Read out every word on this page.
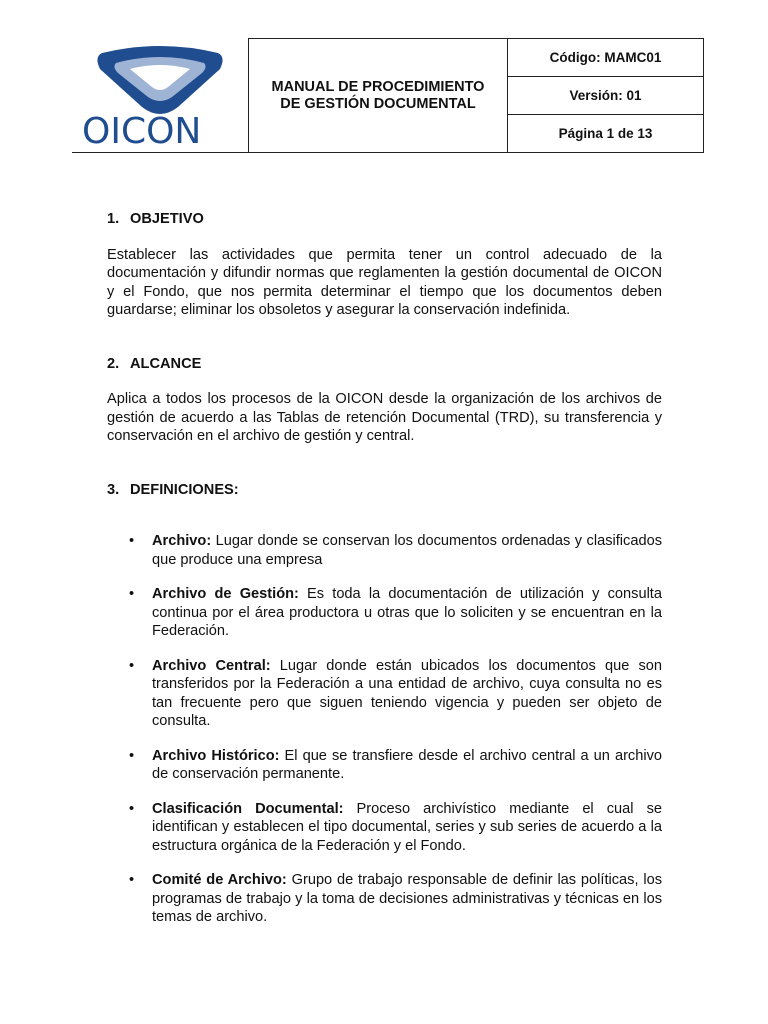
OICON

MANUAL DE PROCEDIMIENTO
DE GESTIÓN DOCUMENTAL
	Código: MAMC01
Versión: 01
Página 1 de 13
1. OBJETIVO

Establecer las actividades que permita tener un control adecuado de la documentación y difundir normas que reglamenten la gestión documental de OICON y el Fondo, que nos permita determinar el tiempo que los documentos deben guardarse; eliminar los obsoletos y asegurar la conservación indefinida.

2. ALCANCE

Aplica a todos los procesos de la OICON desde la organización de los archivos de gestión de acuerdo a las Tablas de retención Documental (TRD), su transferencia y conservación en el archivo de gestión y central.

3. DEFINICIONES:
• Archivo: Lugar donde se conservan los documentos ordenadas y clasificados que produce una empresa
• Archivo de Gestión: Es toda la documentación de utilización y consulta continua por el área productora u otras que lo soliciten y se encuentran en la Federación.
• Archivo Central: Lugar donde están ubicados los documentos que son transferidos por la Federación a una entidad de archivo, cuya consulta no es tan frecuente pero que siguen teniendo vigencia y pueden ser objeto de consulta.
• Archivo Histórico: El que se transfiere desde el archivo central a un archivo de conservación permanente.
• Clasificación Documental: Proceso archivístico mediante el cual se identifican y establecen el tipo documental, series y sub series de acuerdo a la estructura orgánica de la Federación y el Fondo.
• Comité de Archivo: Grupo de trabajo responsable de definir las políticas, los programas de trabajo y la toma de decisiones administrativas y técnicas en los temas de archivo.
